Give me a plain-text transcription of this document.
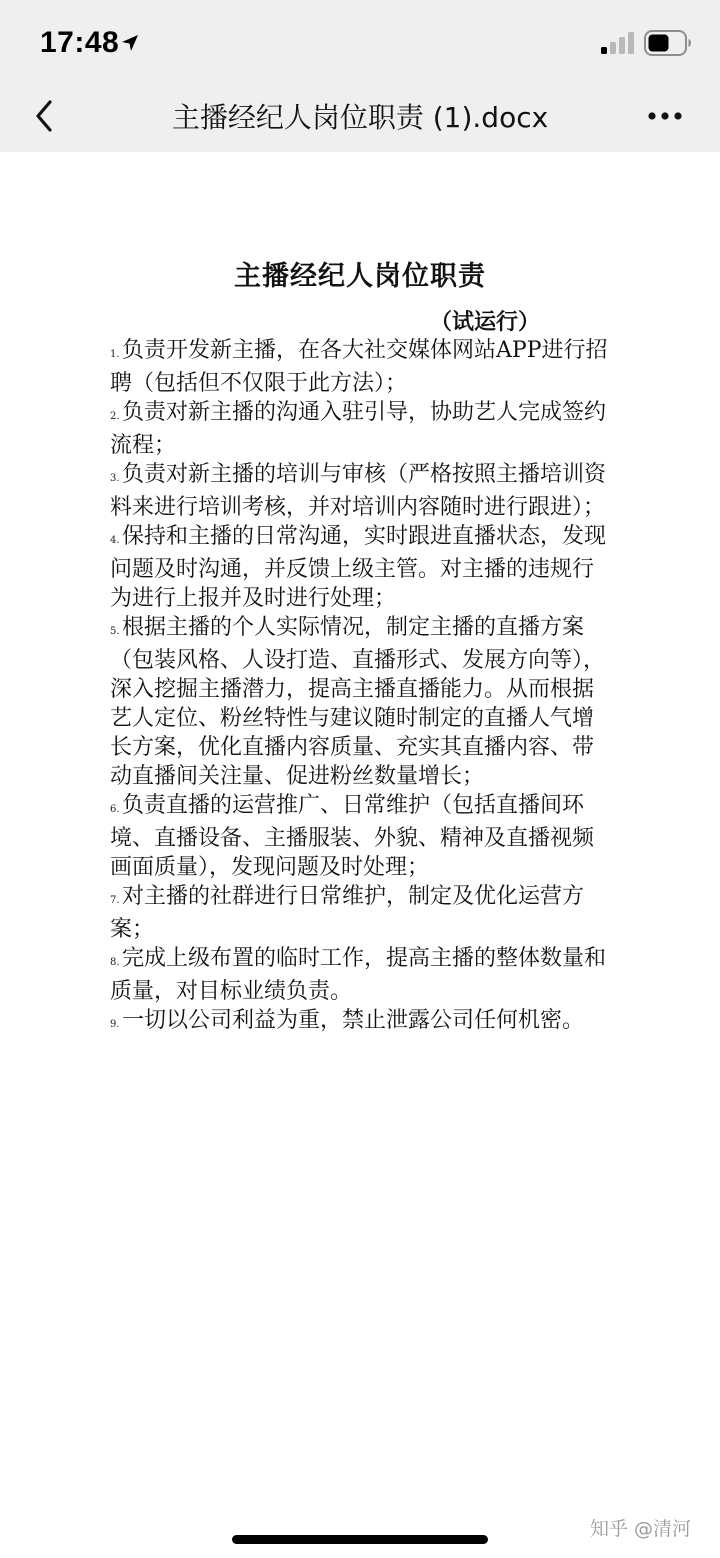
17:48
主播经纪人岗位职责 (1).docx
主播经纪人岗位职责
（试运行）

1. 负责开发新主播，在各大社交媒体网站APP进行招聘（包括但不仅限于此方法）；

2. 负责对新主播的沟通入驻引导，协助艺人完成签约流程；

3. 负责对新主播的培训与审核（严格按照主播培训资料来进行培训考核，并对培训内容随时进行跟进）；

4. 保持和主播的日常沟通，实时跟进直播状态，发现问题及时沟通，并反馈上级主管。对主播的违规行为进行上报并及时进行处理；

5. 根据主播的个人实际情况，制定主播的直播方案（包装风格、人设打造、直播形式、发展方向等），深入挖掘主播潜力，提高主播直播能力。从而根据艺人定位、粉丝特性与建议随时制定的直播人气增长方案，优化直播内容质量、充实其直播内容、带动直播间关注量、促进粉丝数量增长；

6. 负责直播的运营推广、日常维护（包括直播间环境、直播设备、主播服装、外貌、精神及直播视频画面质量），发现问题及时处理；

7. 对主播的社群进行日常维护，制定及优化运营方案；

8. 完成上级布置的临时工作，提高主播的整体数量和质量，对目标业绩负责。

9. 一切以公司利益为重，禁止泄露公司任何机密。

知乎 @清河
